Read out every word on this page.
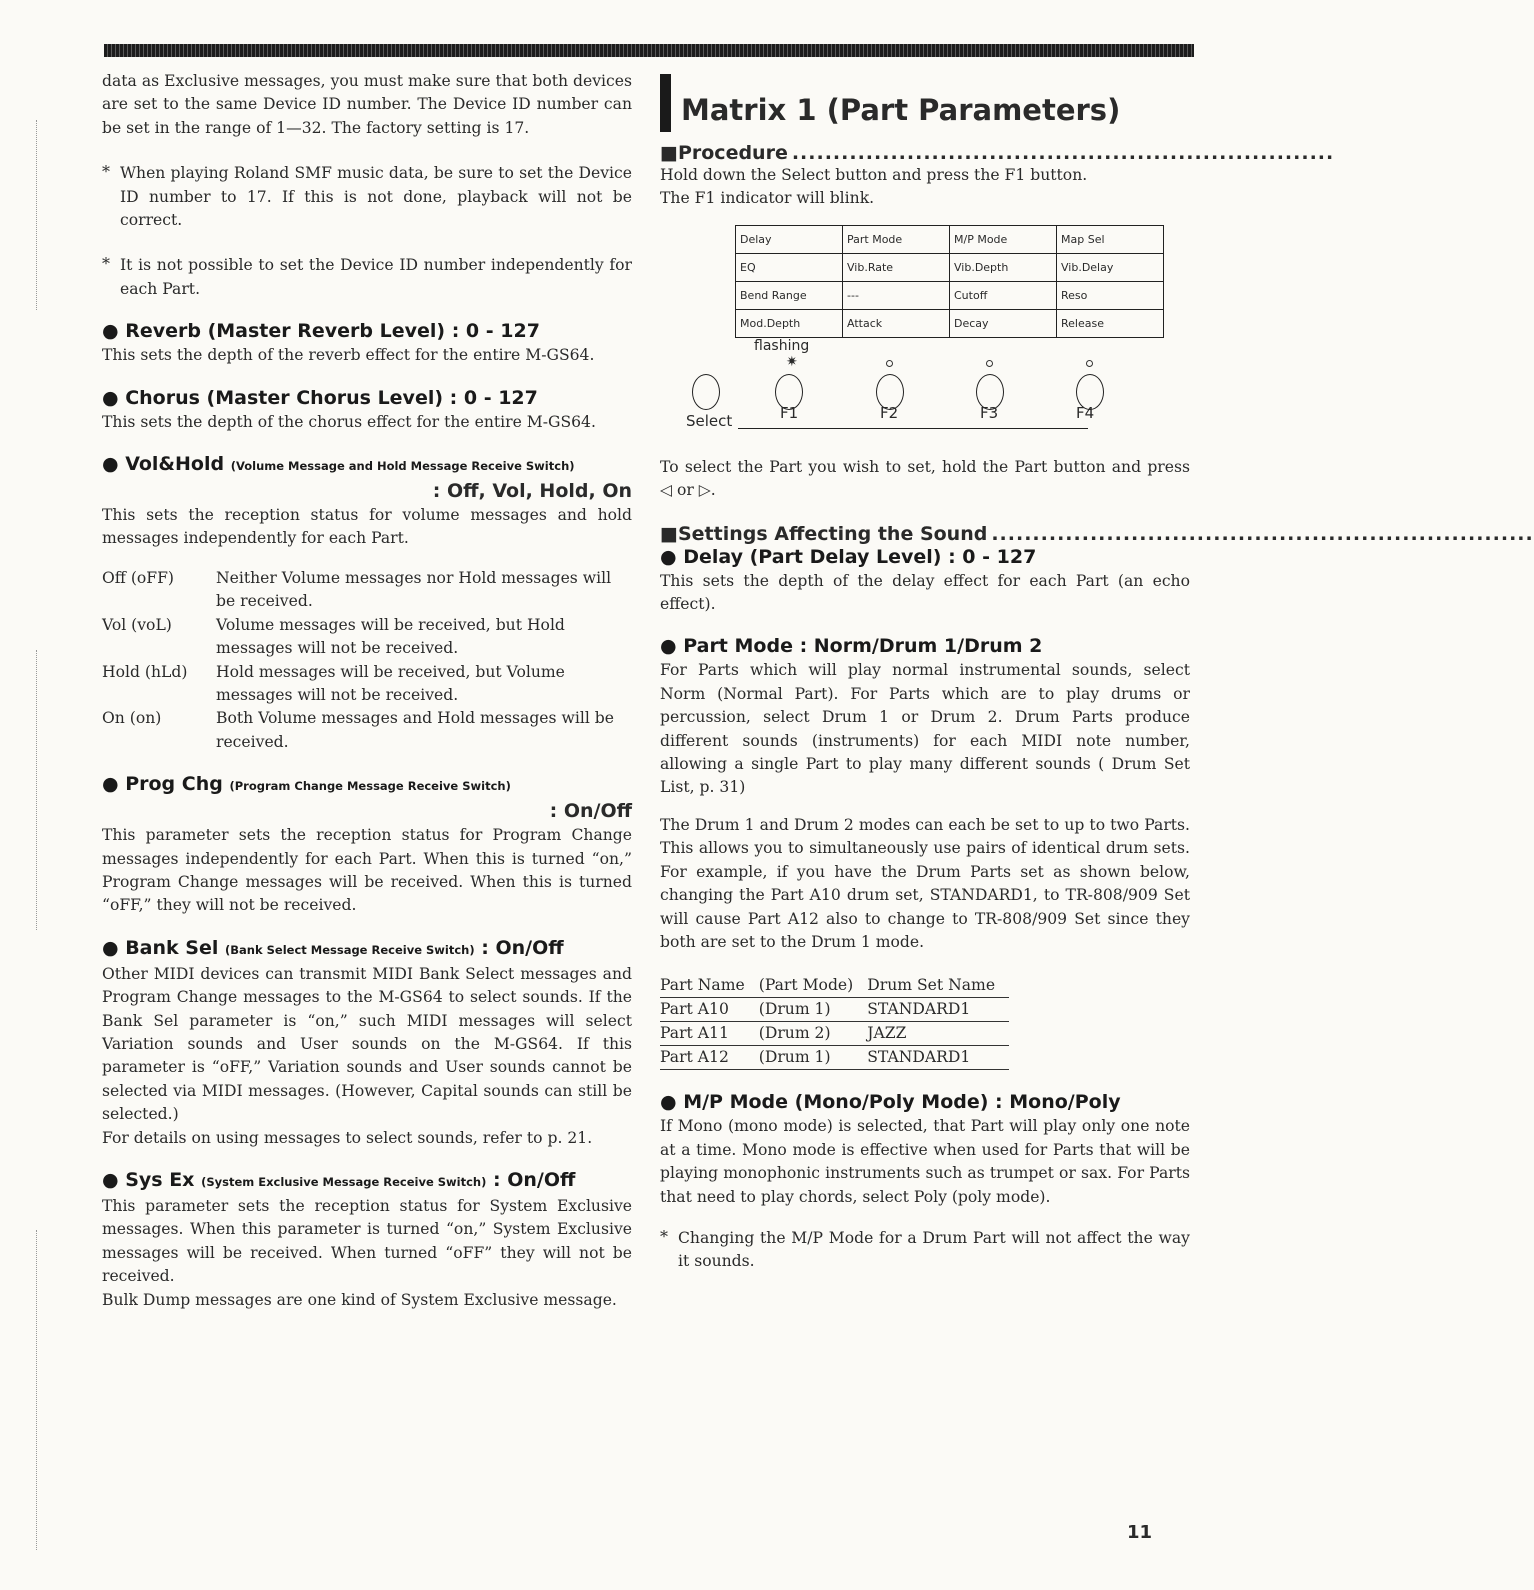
data as Exclusive messages, you must make sure that both devices are set to the same Device ID number. The Device ID number can be set in the range of 1—32. The factory setting is 17.

* When playing Roland SMF music data, be sure to set the Device ID number to 17. If this is not done, playback will not be correct.

* It is not possible to set the Device ID number independently for each Part.

● Reverb (Master Reverb Level) : 0 - 127

This sets the depth of the reverb effect for the entire M-GS64.

● Chorus (Master Chorus Level) : 0 - 127

This sets the depth of the chorus effect for the entire M-GS64.

● Vol&Hold (Volume Message and Hold Message Receive Switch)
: Off, Vol, Hold, On

This sets the reception status for volume messages and hold messages independently for each Part.

Off (oFF)	Neither Volume messages nor Hold messages will be received.
Vol (voL)	Volume messages will be received, but Hold messages will not be received.
Hold (hLd)	Hold messages will be received, but Volume messages will not be received.
On (on)	Both Volume messages and Hold messages will be received.
● Prog Chg (Program Change Message Receive Switch)
: On/Off

This parameter sets the reception status for Program Change messages independently for each Part. When this is turned “on,” Program Change messages will be received. When this is turned “oFF,” they will not be received.

● Bank Sel (Bank Select Message Receive Switch) : On/Off

Other MIDI devices can transmit MIDI Bank Select messages and Program Change messages to the M-GS64 to select sounds. If the Bank Sel parameter is “on,” such MIDI messages will select Variation sounds and User sounds on the M-GS64. If this parameter is “oFF,” Variation sounds and User sounds cannot be selected via MIDI messages. (However, Capital sounds can still be selected.)

For details on using messages to select sounds, refer to p. 21.

● Sys Ex (System Exclusive Message Receive Switch) : On/Off

This parameter sets the reception status for System Exclusive messages. When this parameter is turned “on,” System Exclusive messages will be received. When turned “oFF” they will not be received.

Bulk Dump messages are one kind of System Exclusive message.

Matrix 1 (Part Parameters)
■ Procedure ..................................................................

Hold down the Select button and press the F1 button.

The F1 indicator will blink.

Delay	Part Mode	M/P Mode	Map Sel
EQ	Vib.Rate	Vib.Depth	Vib.Delay
Bend Range	---	Cutoff	Reso
Mod.Depth	Attack	Decay	Release
flashing
✷
Select	F1	F2	F3	F4

To select the Part you wish to set, hold the Part button and press ◁ or ▷.

■ Settings Affecting the Sound ..................................................................
● Delay (Part Delay Level) : 0 - 127

This sets the depth of the delay effect for each Part (an echo effect).

● Part Mode : Norm/Drum 1/Drum 2

For Parts which will play normal instrumental sounds, select Norm (Normal Part). For Parts which are to play drums or percussion, select Drum 1 or Drum 2. Drum Parts produce different sounds (instruments) for each MIDI note number, allowing a single Part to play many different sounds ( Drum Set List, p. 31)

The Drum 1 and Drum 2 modes can each be set to up to two Parts. This allows you to simultaneously use pairs of identical drum sets. For example, if you have the Drum Parts set as shown below, changing the Part A10 drum set, STANDARD1, to TR-808/909 Set will cause Part A12 also to change to TR-808/909 Set since they both are set to the Drum 1 mode.

Part Name	(Part Mode)	Drum Set Name
Part A10	(Drum 1)	STANDARD1
Part A11	(Drum 2)	JAZZ
Part A12	(Drum 1)	STANDARD1
● M/P Mode (Mono/Poly Mode) : Mono/Poly

If Mono (mono mode) is selected, that Part will play only one note at a time. Mono mode is effective when used for Parts that will be playing monophonic instruments such as trumpet or sax. For Parts that need to play chords, select Poly (poly mode).

* Changing the M/P Mode for a Drum Part will not affect the way it sounds.

11
